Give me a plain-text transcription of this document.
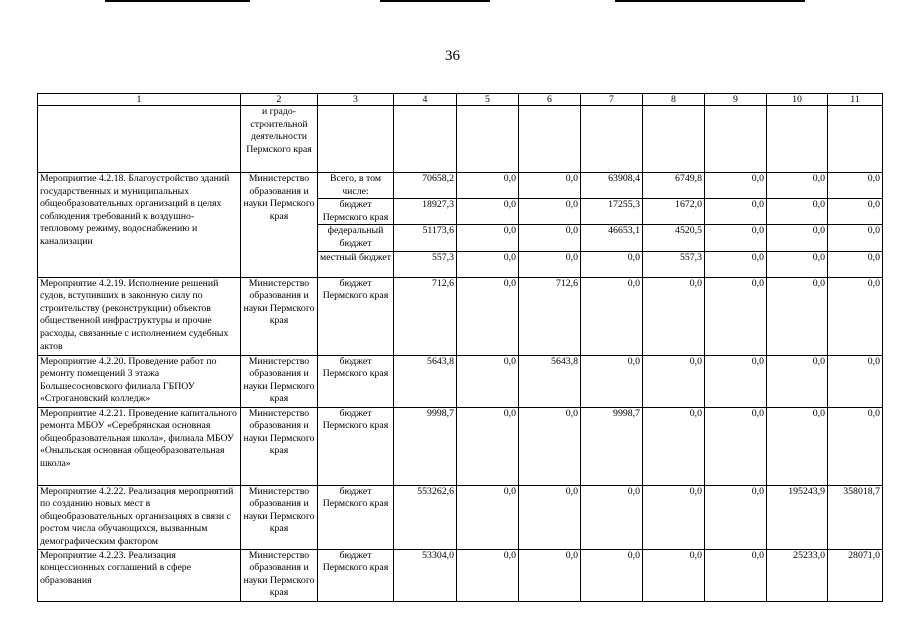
36
1	2	3	4	5	6	7	8	9	10	11
	и градо-строительной деятельности Пермского края									
Мероприятие 4.2.18. Благоустройство зданий государственных и муниципальных общеобразовательных организаций в целях соблюдения требований к воздушно-тепловому режиму, водоснабжению и канализации	Министерство образования и науки Пермского края	Всего, в том числе:	70658,2	0,0	0,0	63908,4	6749,8	0,0	0,0	0,0
		бюджет Пермского края	18927,3	0,0	0,0	17255,3	1672,0	0,0	0,0	0,0
		федеральный бюджет	51173,6	0,0	0,0	46653,1	4520,5	0,0	0,0	0,0
		местный бюджет	557,3	0,0	0,0	0,0	557,3	0,0	0,0	0,0
Мероприятие 4.2.19. Исполнение решений судов, вступивших в законную силу по строительству (реконструкции) объектов общественной инфраструктуры и прочие расходы, связанные с исполнением судебных актов	Министерство образования и науки Пермского края	бюджет Пермского края	712,6	0,0	712,6	0,0	0,0	0,0	0,0	0,0
Мероприятие 4.2.20. Проведение работ по ремонту помещений 3 этажа Большесосновского филиала ГБПОУ «Строгановский колледж»	Министерство образования и науки Пермского края	бюджет Пермского края	5643,8	0,0	5643,8	0,0	0,0	0,0	0,0	0,0
Мероприятие 4.2.21. Проведение капитального ремонта МБОУ «Серебрянская основная общеобразовательная школа», филиала МБОУ «Оныльская основная общеобразовательная школа»	Министерство образования и науки Пермского края	бюджет Пермского края	9998,7	0,0	0,0	9998,7	0,0	0,0	0,0	0,0
Мероприятие 4.2.22. Реализация мероприятий по созданию новых мест в общеобразовательных организациях в связи с ростом числа обучающихся, вызванным демографическим фактором	Министерство образования и науки Пермского края	бюджет Пермского края	553262,6	0,0	0,0	0,0	0,0	0,0	195243,9	358018,7
Мероприятие 4.2.23. Реализация концессионных соглашений в сфере образования	Министерство образования и науки Пермского края	бюджет Пермского края	53304,0	0,0	0,0	0,0	0,0	0,0	25233,0	28071,0
